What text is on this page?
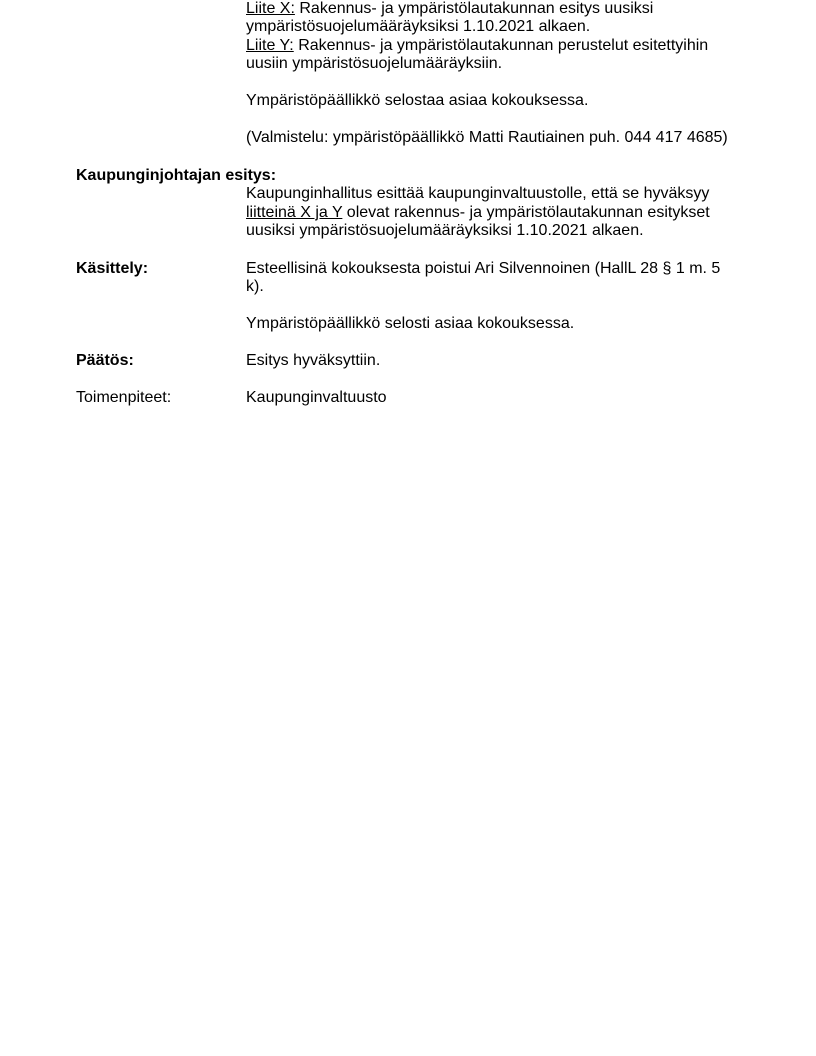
Liite X: Rakennus- ja ympäristölautakunnan esitys uusiksi
ympäristösuojelumääräyksiksi 1.10.2021 alkaen.
Liite Y: Rakennus- ja ympäristölautakunnan perustelut esitettyihin
uusiin ympäristösuojelumääräyksiin.
Ympäristöpäällikkö selostaa asiaa kokouksessa.
(Valmistelu: ympäristöpäällikkö Matti Rautiainen puh. 044 417 4685)
Kaupunginjohtajan esitys:
Kaupunginhallitus esittää kaupunginvaltuustolle, että se hyväksyy
liitteinä X ja Y olevat rakennus- ja ympäristölautakunnan esitykset
uusiksi ympäristösuojelumääräyksiksi 1.10.2021 alkaen.
Käsittely:	Esteellisinä kokouksesta poistui Ari Silvennoinen (HallL 28 § 1 m. 5
k).
Ympäristöpäällikkö selosti asiaa kokouksessa.
Päätös:	Esitys hyväksyttiin.
Toimenpiteet:	Kaupunginvaltuusto
